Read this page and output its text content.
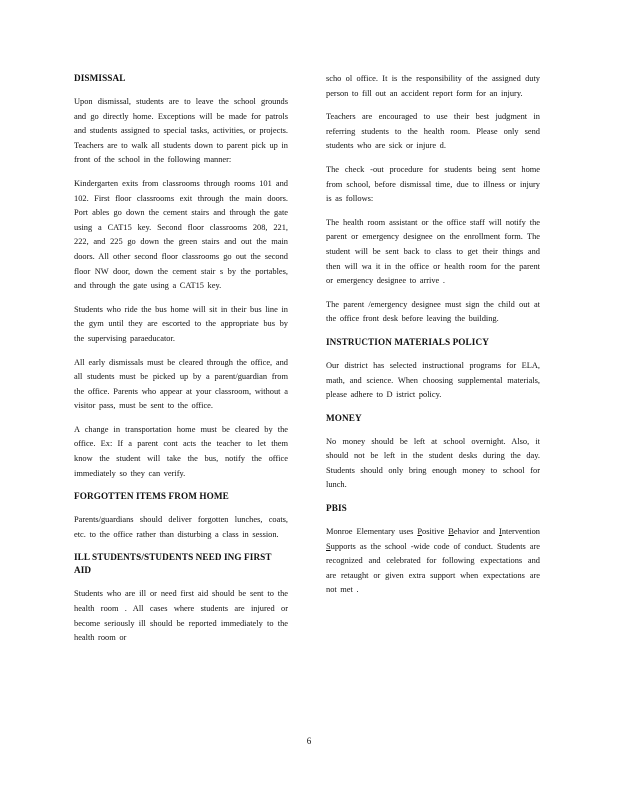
DISMISSAL

Upon dismissal, students are to leave the school grounds and go directly home. Exceptions will be made for patrols and students assigned to special tasks, activities, or projects. Teachers are to walk all students down to parent pick up in front of the school in the following manner:

Kindergarten exits from classrooms through rooms 101 and 102. First floor classrooms exit through the main doors. Port ables go down the cement stairs and through the gate using a CAT15 key. Second floor classrooms 208, 221, 222, and 225 go down the green stairs and out the main doors. All other second floor classrooms go out the second floor NW door, down the cement stair s by the portables, and through the gate using a CAT15 key.

Students who ride the bus home will sit in their bus line in the gym until they are escorted to the appropriate bus by the supervising paraeducator.

All early dismissals must be cleared through the office, and all students must be picked up by a parent/guardian from the office. Parents who appear at your classroom, without a visitor pass, must be sent to the office.

A change in transportation home must be cleared by the office. Ex: If a parent cont acts the teacher to let them know the student will take the bus, notify the office immediately so they can verify.

FORGOTTEN ITEMS FROM HOME

Parents/guardians should deliver forgotten lunches, coats, etc. to the office rather than disturbing a class in session.

ILL STUDENTS/STUDENTS NEED ING FIRST AID

Students who are ill or need first aid should be sent to the health room . All cases where students are injured or become seriously ill should be reported immediately to the health room or

scho ol office. It is the responsibility of the assigned duty person to fill out an accident report form for an injury.

Teachers are encouraged to use their best judgment in referring students to the health room. Please only send students who are sick or injure d.

The check -out procedure for students being sent home from school, before dismissal time, due to illness or injury is as follows:

The health room assistant or the office staff will notify the parent or emergency designee on the enrollment form. The student will be sent back to class to get their things and then will wa it in the office or health room for the parent or emergency designee to arrive .

The parent /emergency designee must sign the child out at the office front desk before leaving the building.

INSTRUCTION MATERIALS POLICY

Our district has selected instructional programs for ELA, math, and science. When choosing supplemental materials, please adhere to D istrict policy.

MONEY

No money should be left at school overnight. Also, it should not be left in the student desks during the day. Students should only bring enough money to school for lunch.

PBIS

Monroe Elementary uses Positive Behavior and Intervention Supports as the school -wide code of conduct. Students are recognized and celebrated for following expectations and are retaught or given extra support when expectations are not met .

6
